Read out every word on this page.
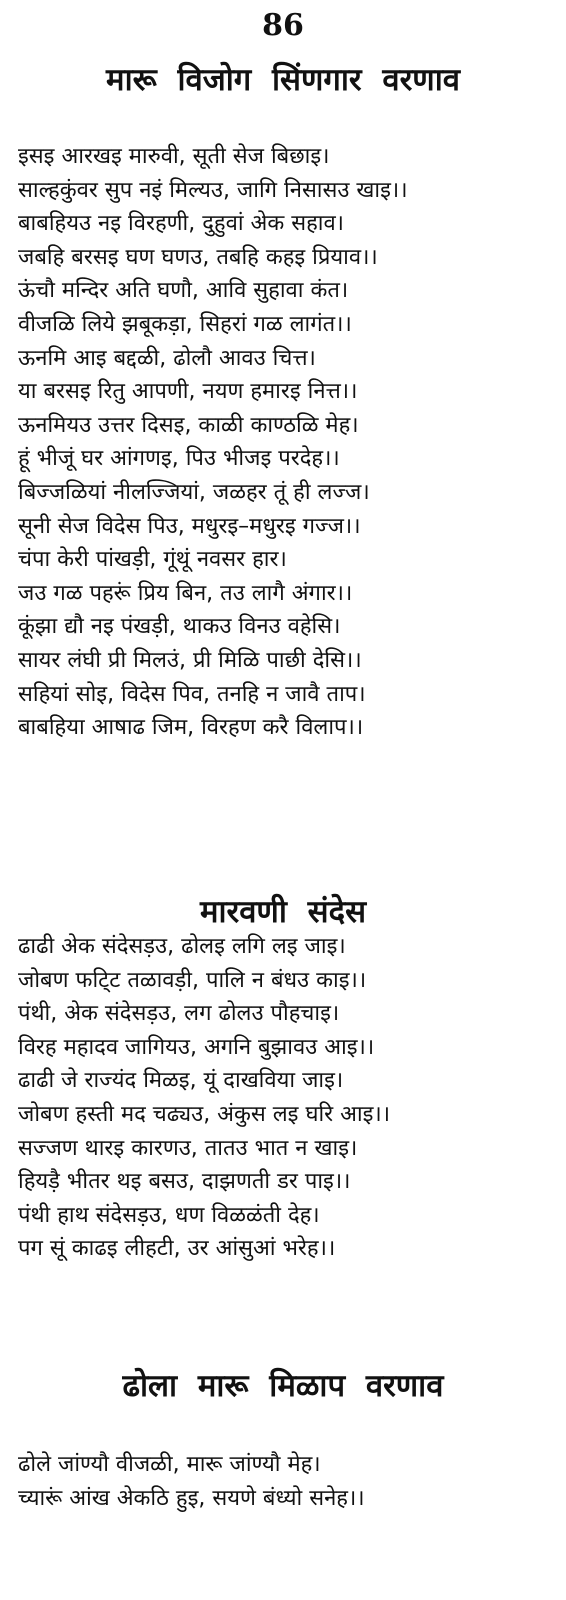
86
मारू विजोग सिंणगार वरणाव
इसइ आरखइ मारुवी, सूती सेज बिछाइ।
साल्हकुंवर सुप नइं मिल्यउ, जागि निसासउ खाइ।।
बाबहियउ नइ विरहणी, दुहुवां अेक सहाव।
जबहि बरसइ घण घणउ, तबहि कहइ प्रियाव।।
ऊंचौ मन्दिर अति घणौ, आवि सुहावा कंत।
वीजळि लिये झबूकड़ा, सिहरां गळ लागंत।।
ऊनमि आइ बद्दळी, ढोलौ आवउ चित्त।
या बरसइ रितु आपणी, नयण हमारइ नित्त।।
ऊनमियउ उत्तर दिसइ, काळी काण्ठळि मेह।
हूं भीजूं घर आंगणइ, पिउ भीजइ परदेह।।
बिज्जळियां नीलज्जियां, जळहर तूं ही लज्ज।
सूनी सेज विदेस पिउ, मधुरइ–मधुरइ गज्ज।।
चंपा केरी पांखड़ी, गूंथूं नवसर हार।
जउ गळ पहरूं प्रिय बिन, तउ लागै अंगार।।
कूंझा द्यौ नइ पंखड़ी, थाकउ विनउ वहेसि।
सायर लंघी प्री मिलउं, प्री मिळि पाछी देसि।।
सहियां सोइ, विदेस पिव, तनहि न जावै ताप।
बाबहिया आषाढ जिम, विरहण करै विलाप।।
मारवणी संदेस
ढाढी अेक संदेसड़उ, ढोलइ लगि लइ जाइ।
जोबण फटि्ट तळावड़ी, पालि न बंधउ काइ।।
पंथी, अेक संदेसड़उ, लग ढोलउ पौहचाइ।
विरह महादव जागियउ, अगनि बुझावउ आइ।।
ढाढी जे राज्यंद मिळइ, यूं दाखविया जाइ।
जोबण हस्ती मद चढ्यउ, अंकुस लइ घरि आइ।।
सज्जण थारइ कारणउ, तातउ भात न खाइ।
हियड़ै भीतर थइ बसउ, दाझणती डर पाइ।।
पंथी हाथ संदेसड़उ, धण विळळंती देह।
पग सूं काढइ लीहटी, उर आंसुआं भरेह।।
ढोला मारू मिळाप वरणाव
ढोले जांण्यौ वीजळी, मारू जांण्यौ मेह।
च्यारूं आंख अेकठि हुइ, सयणे बंध्यो सनेह।।
